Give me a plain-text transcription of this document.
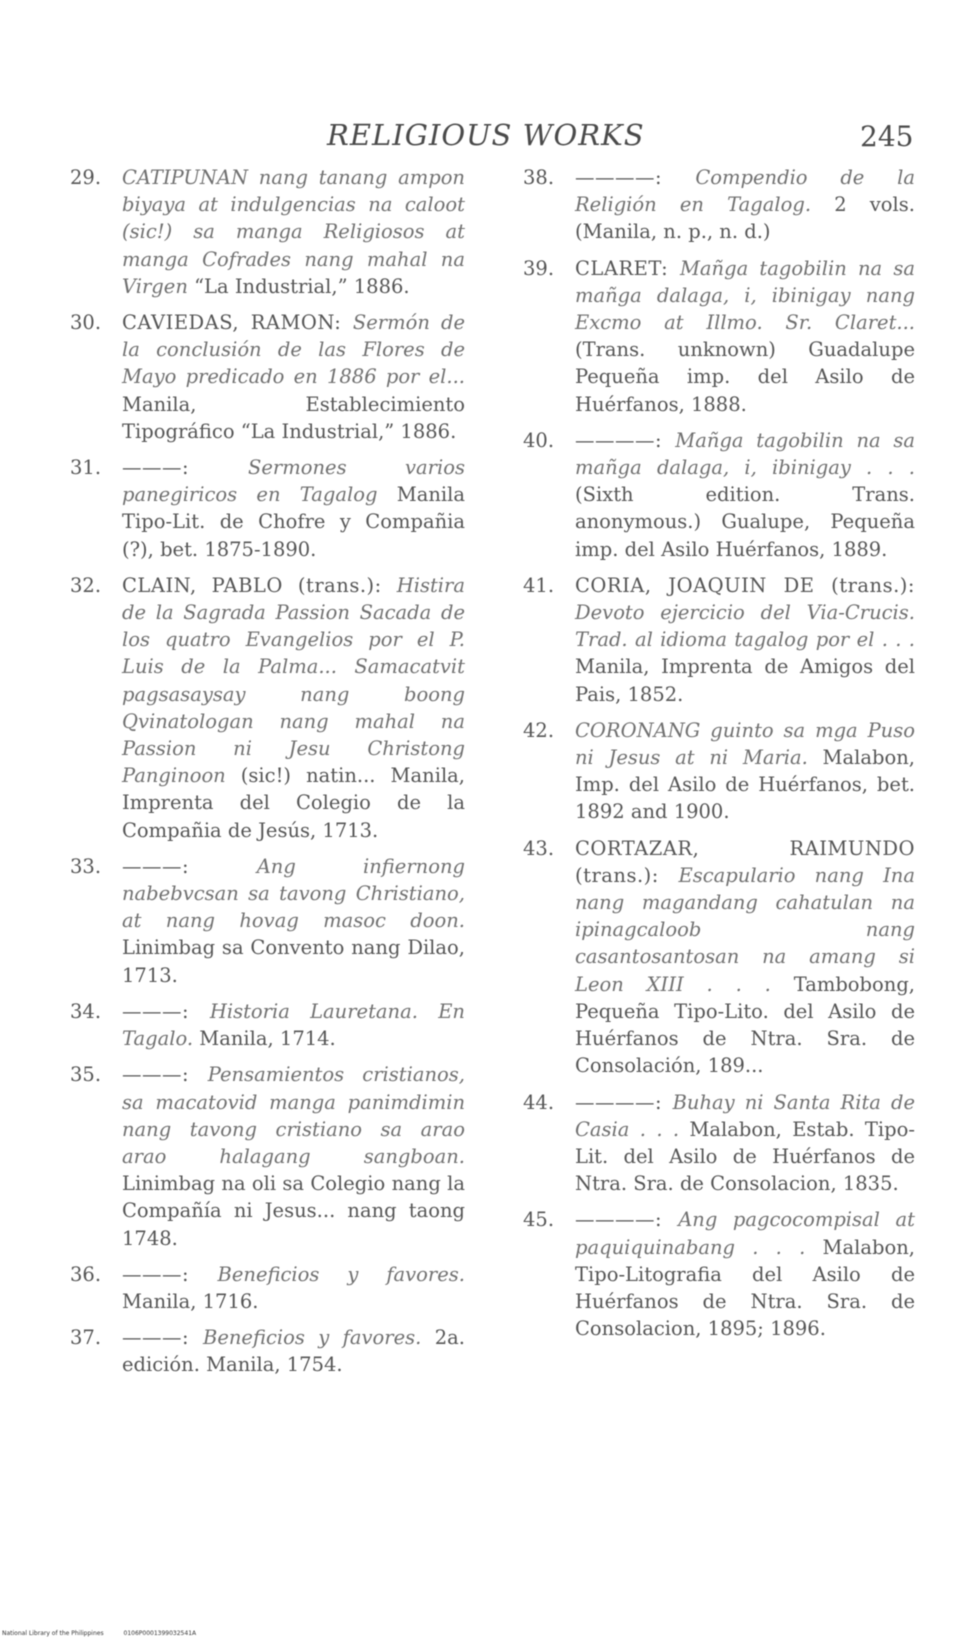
RELIGIOUS WORKS	245
29. CATIPUNAN nang tanang ampon biyaya at indulgencias na caloot (sic!) sa manga Religiosos at manga Cofrades nang mahal na Virgen “La Industrial,” 1886.
30. CAVIEDAS, RAMON: Sermón de la conclusión de las Flores de Mayo predicado en 1886 por el... Manila, Establecimiento Tipográfico “La Industrial,” 1886.
31. ———: Sermones varios panegiricos en Tagalog Manila Tipo-Lit. de Chofre y Compañia (?), bet. 1875-1890.
32. CLAIN, PABLO (trans.): Histira de la Sagrada Passion Sacada de los quatro Evangelios por el P. Luis de la Palma... Samacatvit pagsasaysay nang boong Qvinatologan nang mahal na Passion ni Jesu Christong Panginoon (sic!) natin... Manila, Imprenta del Colegio de la Compañia de Jesús, 1713.
33. ———: Ang infiernong nabebvcsan sa tavong Christiano, at nang hovag masoc doon. Linimbag sa Convento nang Dilao, 1713.
34. ———: Historia Lauretana. En Tagalo. Manila, 1714.
35. ———: Pensamientos cristianos, sa macatovid manga panimdimin nang tavong cristiano sa arao arao halagang sangboan. Linimbag na oli sa Colegio nang la Compañía ni Jesus... nang taong 1748.
36. ———: Beneficios y favores. Manila, 1716.
37. ———: Beneficios y favores. 2a. edición. Manila, 1754.
38. ————: Compendio de la Religión en Tagalog. 2 vols. (Manila, n. p., n. d.)
39. CLARET: Mañga tagobilin na sa mañga dalaga, i, ibinigay nang Excmo at Illmo. Sr. Claret... (Trans. unknown) Guadalupe Pequeña imp. del Asilo de Huérfanos, 1888.
40. ————: Mañga tagobilin na sa mañga dalaga, i, ibinigay . . . (Sixth edition. Trans. anonymous.) Gualupe, Pequeña imp. del Asilo Huérfanos, 1889.
41. CORIA, JOAQUIN DE (trans.): Devoto ejercicio del Via-Crucis. Trad. al idioma tagalog por el . . . Manila, Imprenta de Amigos del Pais, 1852.
42. CORONANG guinto sa mga Puso ni Jesus at ni Maria. Malabon, Imp. del Asilo de Huérfanos, bet. 1892 and 1900.
43. CORTAZAR, RAIMUNDO (trans.): Escapulario nang Ina nang magandang cahatulan na ipinagcaloob nang casantosantosan na amang si Leon XIII . . . Tambobong, Pequeña Tipo-Lito. del Asilo de Huérfanos de Ntra. Sra. de Consolación, 189...
44. ————: Buhay ni Santa Rita de Casia . . . Malabon, Estab. Tipo-Lit. del Asilo de Huérfanos de Ntra. Sra. de Consolacion, 1835.
45. ————: Ang pagcocompisal at paquiquinabang . . . Malabon, Tipo-Litografia del Asilo de Huérfanos de Ntra. Sra. de Consolacion, 1895; 1896.
National Library of the Philippines	0106P0001399032541A
